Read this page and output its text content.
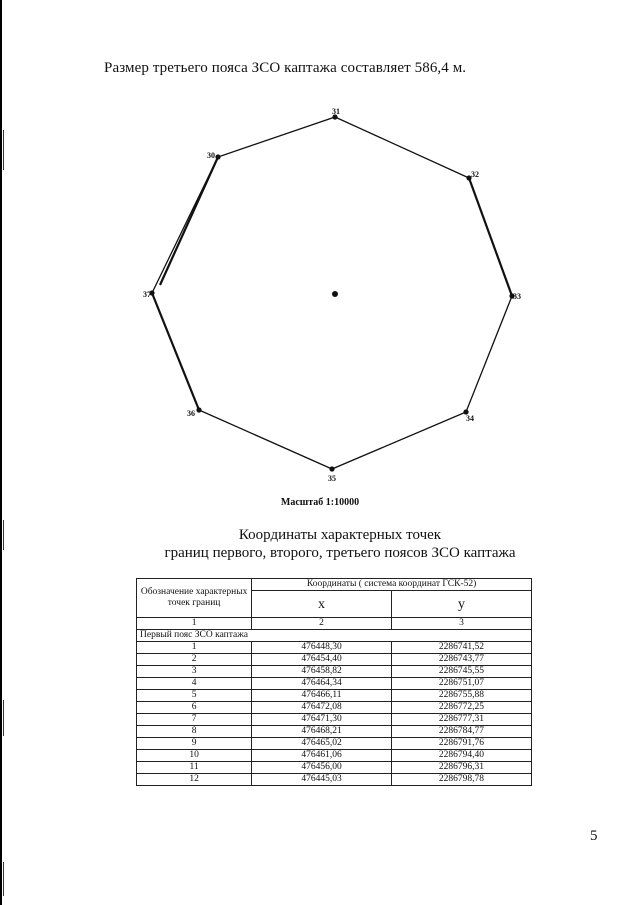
Размер третьего пояса ЗСО каптажа составляет 586,4 м.
31
32
33
34
35
36
37
30
Масштаб 1:10000
Координаты характерных точек
границ первого, второго, третьего поясов ЗСО каптажа
Обозначение характерных точек границ	Координаты ( система координат ГСК-52)	
	x	y
1	2	3
Первый пояс ЗСО каптажа		
1	476448,30	2286741,52
2	476454,40	2286743,77
3	476458,82	2286745,55
4	476464,34	2286751,07
5	476466,11	2286755,88
6	476472,08	2286772,25
7	476471,30	2286777,31
8	476468,21	2286784,77
9	476465,02	2286791,76
10	476461,06	2286794,40
11	476456,00	2286796,31
12	476445,03	2286798,78
5
